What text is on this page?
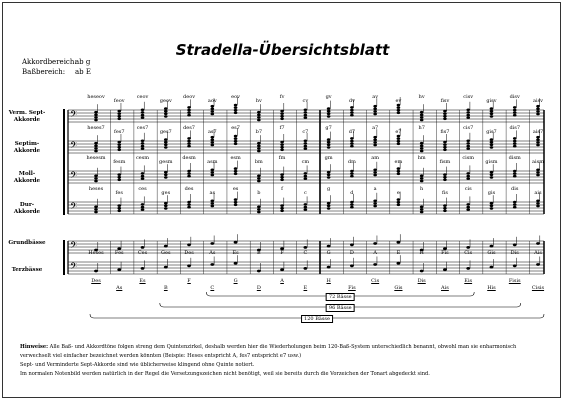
Stradella-Übersichtsblatt
Akkordbereich:
ab g
Baßbereich: ab E
Verm. Sept-
Akkorde
Septim-
Akkorde
Moll-
Akkorde
Dur-
Akkorde
Grundbässe
Terzbässe
𝄢
𝄢
𝄢
𝄢
𝄢
𝄢
heseov
feov
ceov
geov
deov
aov
eov
hv
fv
cv
gv
dv
av
ev
hv
fisv
cisv
gisv
disv
aisv
heses7
fes7
ces7
ges7
des7
as7
es7
b7
f7
c7
g7
d7
a7
e7
h7
fis7
cis7
gis7
dis7
ais7
hesesm
fesm
cesm
gesm
desm
asm
esm
bm
fm
cm
gm
dm
am
em
hm
fism
cism
gism
dism
aism
heses
fes
ces
ges
des
as
es
b
f
c
g
d
a
e
h
fis
cis
gis
dis
ais
Heses
Des
Fes
As
Ces
Es
Ges
B
Des
F
As
C
Es
G
B
D
F
A
C
E
G
H
D
Fis
A
Cis
E
Gis
H
Dis
Fis
Ais
Cis
Eis
Gis
His
Dis
Fisis
Ais
Cisis
72 Bässe
96 Bässe
120 Bässe
Hinweise: Alle Baß- und Akkordtöne folgen streng dem Quintenzirkel, deshalb werden hier die Wiederholungen beim 120-Baß-System unterschiedlich benannt, obwohl man sie enharmonisch
verwechselt viel einfacher bezeichnet werden könnten (Beispie: Heses entspricht A, fes7 entspricht e7 usw.)
Sept- und Verminderte Sept-Akkorde sind wie üblicherweise klingend ohne Quinte notiert.
Im normalen Notenbild werden natürlich in der Regel die Versetzungszeichen nicht benötigt, weil sie bereits durch die Vorzeichen der Tonart abgedeckt sind.
